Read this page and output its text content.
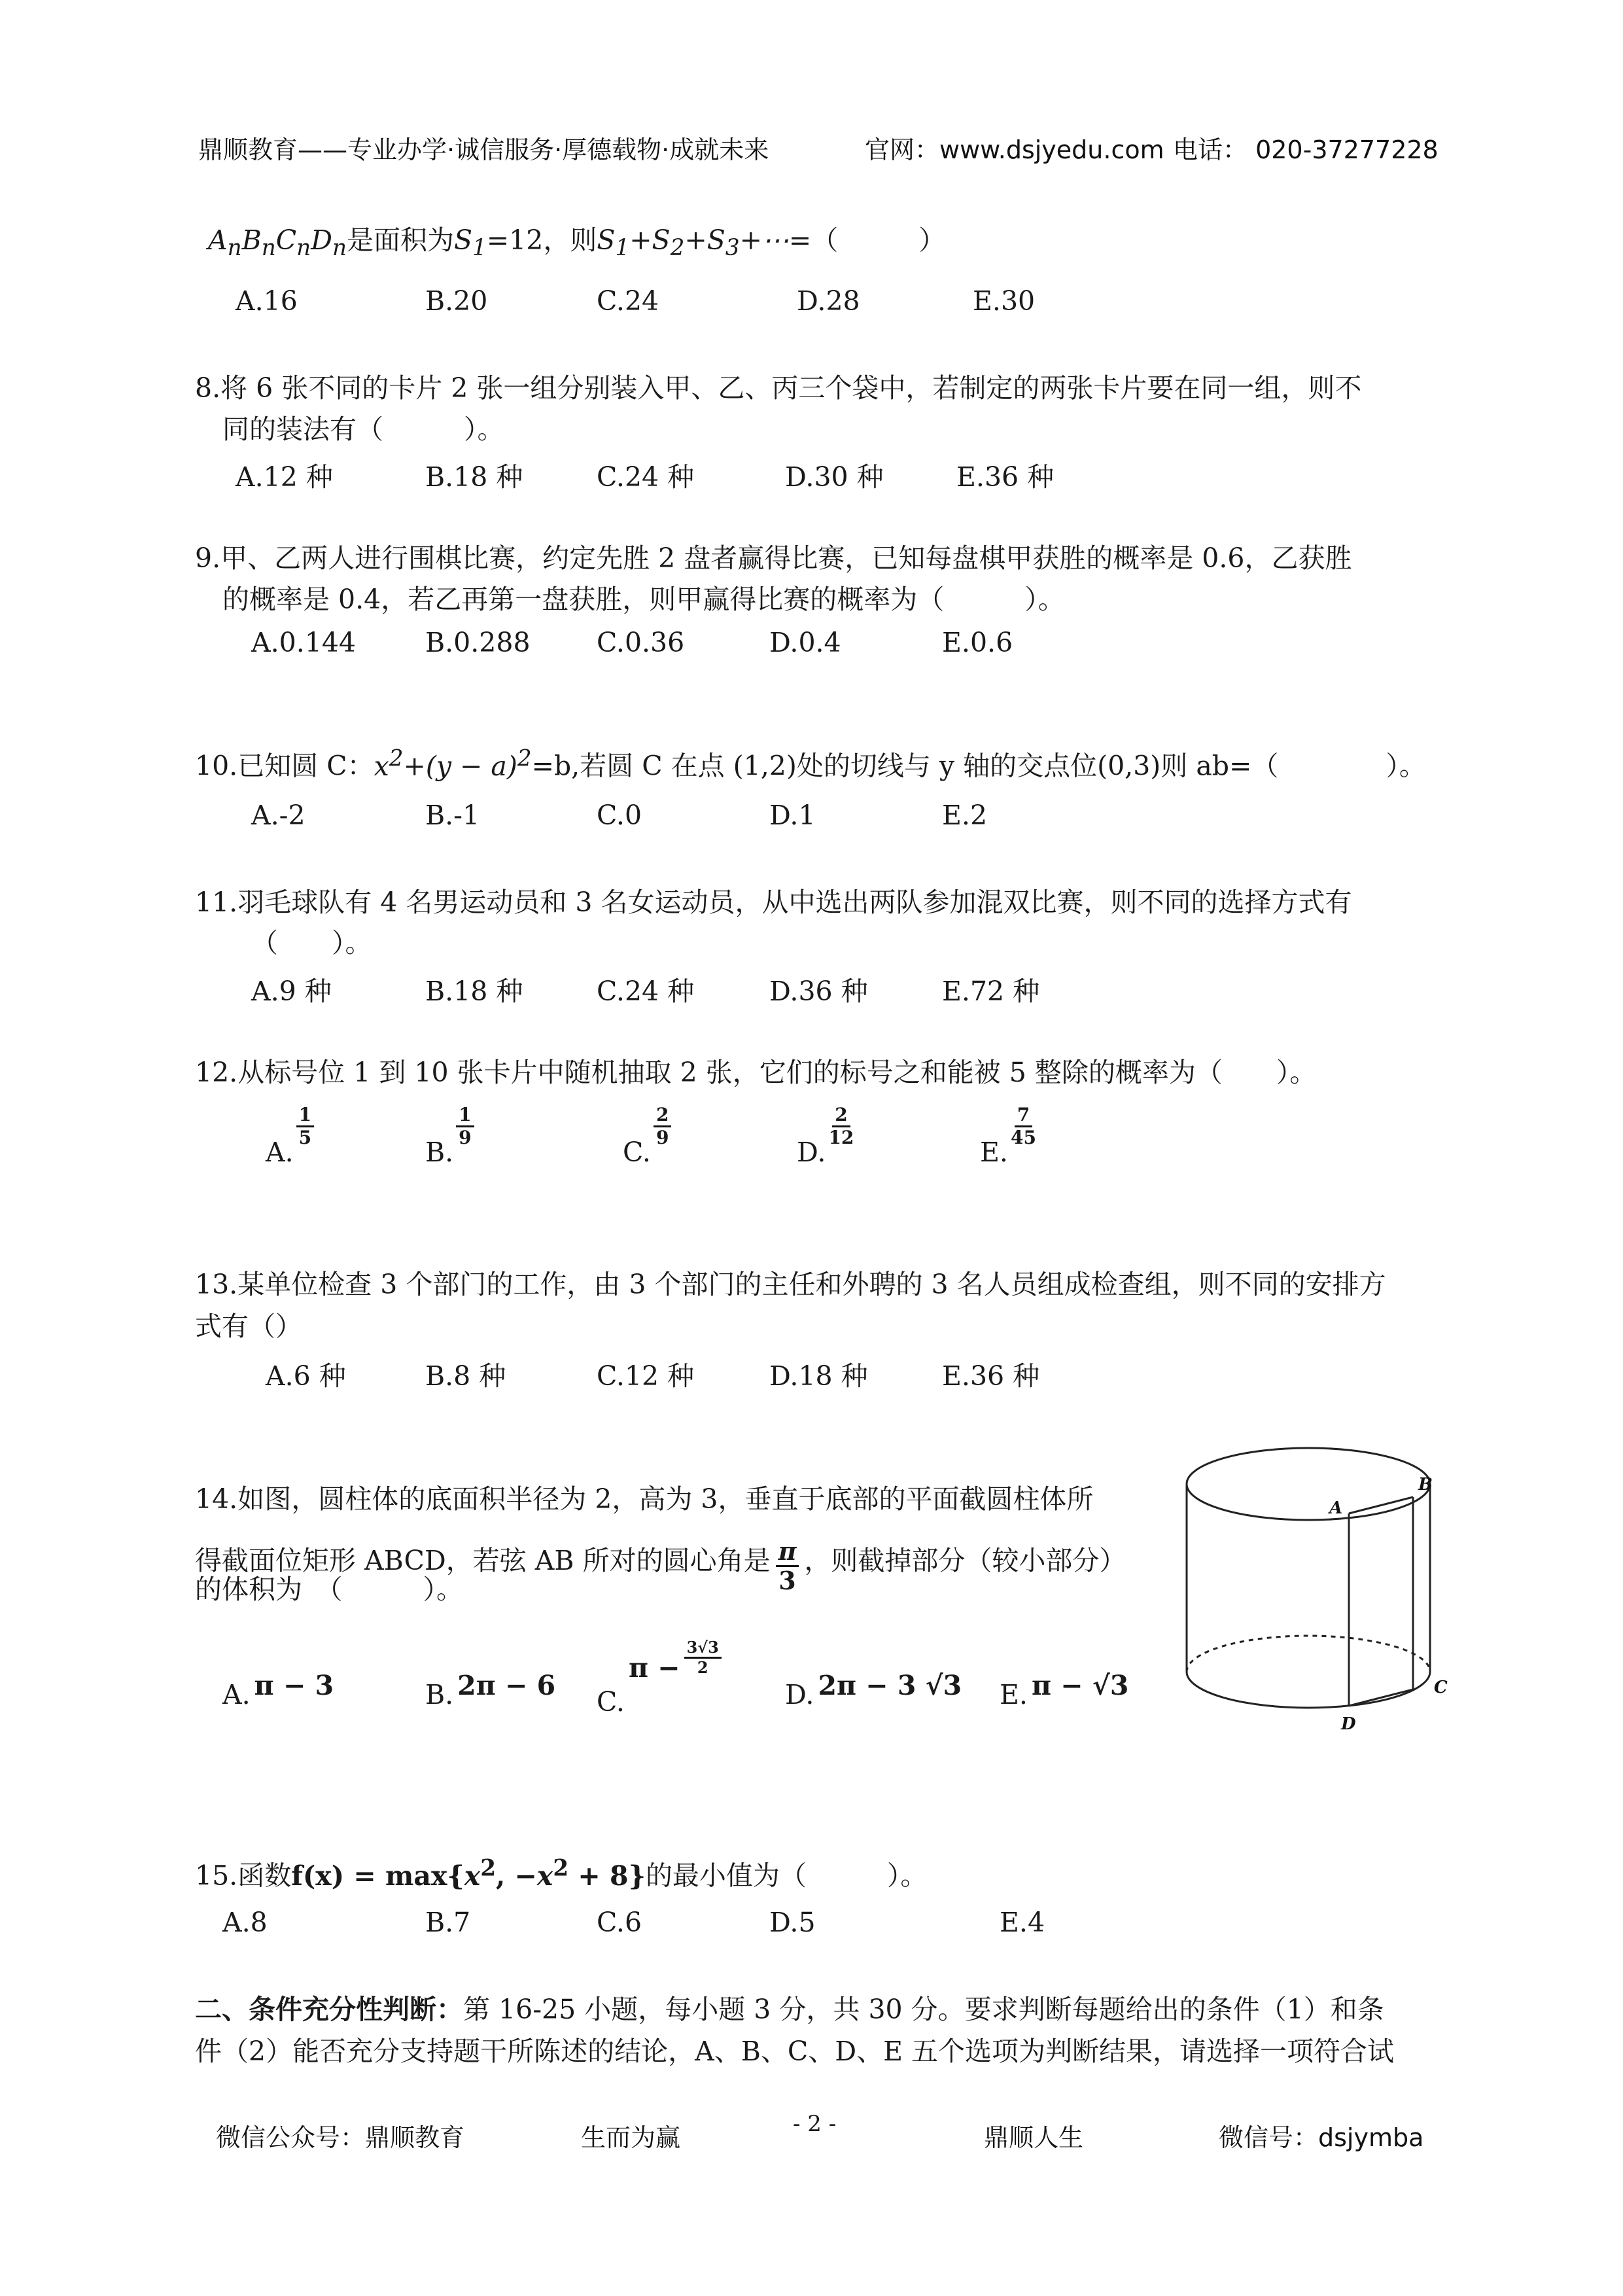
鼎顺教育——专业办学·诚信服务·厚德载物·成就未来	官网：www.dsjyedu.com 电话： 020-37277228
$A_nB_nC_nD_n$是面积为$S_1=12$，则$S_1+S_2+S_3+\cdots=$（　　　）
A.16	B.20	C.24	D.28	E.30
8.将 6 张不同的卡片 2 张一组分别装入甲、乙、丙三个袋中，若制定的两张卡片要在同一组，则不
同的装法有（　　　）。
A.12 种	B.18 种	C.24 种	D.30 种	E.36 种
9.甲、乙两人进行围棋比赛，约定先胜 2 盘者赢得比赛，已知每盘棋甲获胜的概率是 0.6，乙获胜
的概率是 0.4，若乙再第一盘获胜，则甲赢得比赛的概率为（　　　）。
A.0.144	B.0.288 C.0.36	D.0.4	E.0.6
10.已知圆 C：$x^2+(y - a)^2=b$,若圆 C 在点 (1,2)处的切线与 y 轴的交点位(0,3)则 ab=（　　　　）。
A.-2	B.-1	C.0	D.1	E.2
11.羽毛球队有 4 名男运动员和 3 名女运动员，从中选出两队参加混双比赛，则不同的选择方式有
（　　）。
A.9 种	B.18 种	C.24 种	D.36 种	E.72 种
12.从标号位 1 到 10 张卡片中随机抽取 2 张，它们的标号之和能被 5 整除的概率为（　　）。
A.
$\frac{1}{5}$
B.
$\frac{1}{9}$
C.
$\frac{2}{9}$
D.
$\frac{2}{12}$
E.
$\frac{7}{45}$
13.某单位检查 3 个部门的工作，由 3 个部门的主任和外聘的 3 名人员组成检查组，则不同的安排方
式有（）
A.6 种	B.8 种	C.12 种	D.18 种	E.36 种
14.如图，圆柱体的底面积半径为 2，高为 3，垂直于底部的平面截圆柱体所
得截面位矩形 ABCD，若弦 AB 所对的圆心角是 $\frac{\pi}{3}$ ，则截掉部分（较小部分）
的体积为　（　　　）。
A. π − 3	B. 2π − 6
$C.\pi - \frac{3√3}{2}$
D. 2π − 3 √3 E. π − √3
A
B
C
D
15.函数$f(x) = \max\{x^2$, $-x^2 + 8$}的最小值为（　　　）。
A.8	B.7	C.6	D.5	E.4
二、条件充分性判断：第 16-25 小题，每小题 3 分，共 30 分。要求判断每题给出的条件（1）和条
件（2）能否充分支持题干所陈述的结论，A、B、C、D、E 五个选项为判断结果，请选择一项符合试
微信公众号：鼎顺教育	生而为赢	- 2 -	鼎顺人生	微信号：dsjymba
